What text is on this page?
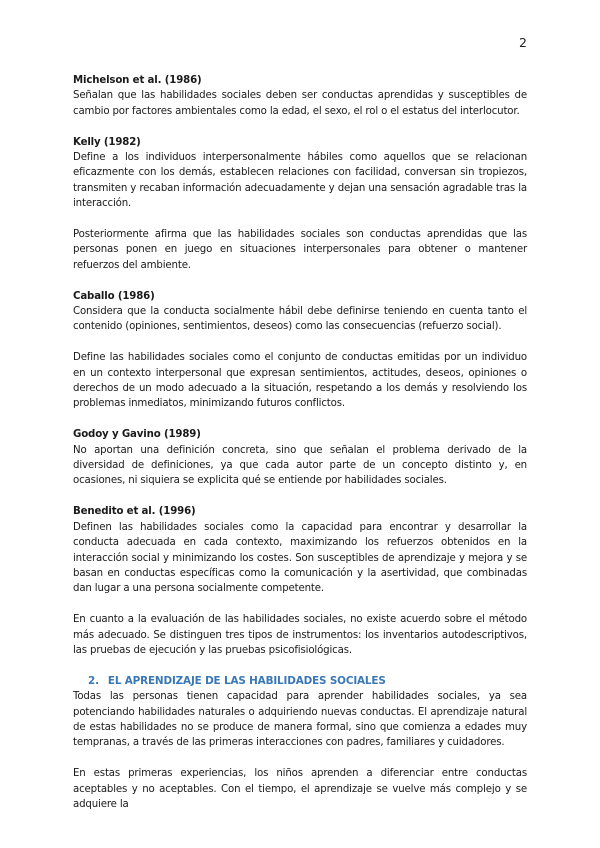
2

Michelson et al. (1986)

Señalan que las habilidades sociales deben ser conductas aprendidas y susceptibles de cambio por factores ambientales como la edad, el sexo, el rol o el estatus del interlocutor.

Kelly (1982)

Define a los individuos interpersonalmente hábiles como aquellos que se relacionan eficazmente con los demás, establecen relaciones con facilidad, conversan sin tropiezos, transmiten y recaban información adecuadamente y dejan una sensación agradable tras la interacción.

Posteriormente afirma que las habilidades sociales son conductas aprendidas que las personas ponen en juego en situaciones interpersonales para obtener o mantener refuerzos del ambiente.

Caballo (1986)

Considera que la conducta socialmente hábil debe definirse teniendo en cuenta tanto el contenido (opiniones, sentimientos, deseos) como las consecuencias (refuerzo social).

Define las habilidades sociales como el conjunto de conductas emitidas por un individuo en un contexto interpersonal que expresan sentimientos, actitudes, deseos, opiniones o derechos de un modo adecuado a la situación, respetando a los demás y resolviendo los problemas inmediatos, minimizando futuros conflictos.

Godoy y Gavino (1989)

No aportan una definición concreta, sino que señalan el problema derivado de la diversidad de definiciones, ya que cada autor parte de un concepto distinto y, en ocasiones, ni siquiera se explicita qué se entiende por habilidades sociales.

Benedito et al. (1996)

Definen las habilidades sociales como la capacidad para encontrar y desarrollar la conducta adecuada en cada contexto, maximizando los refuerzos obtenidos en la interacción social y minimizando los costes. Son susceptibles de aprendizaje y mejora y se basan en conductas específicas como la comunicación y la asertividad, que combinadas dan lugar a una persona socialmente competente.

En cuanto a la evaluación de las habilidades sociales, no existe acuerdo sobre el método más adecuado. Se distinguen tres tipos de instrumentos: los inventarios autodescriptivos, las pruebas de ejecución y las pruebas psicofisiológicas.

2. EL APRENDIZAJE DE LAS HABILIDADES SOCIALES

Todas las personas tienen capacidad para aprender habilidades sociales, ya sea potenciando habilidades naturales o adquiriendo nuevas conductas. El aprendizaje natural de estas habilidades no se produce de manera formal, sino que comienza a edades muy tempranas, a través de las primeras interacciones con padres, familiares y cuidadores.

En estas primeras experiencias, los niños aprenden a diferenciar entre conductas aceptables y no aceptables. Con el tiempo, el aprendizaje se vuelve más complejo y se adquiere la
